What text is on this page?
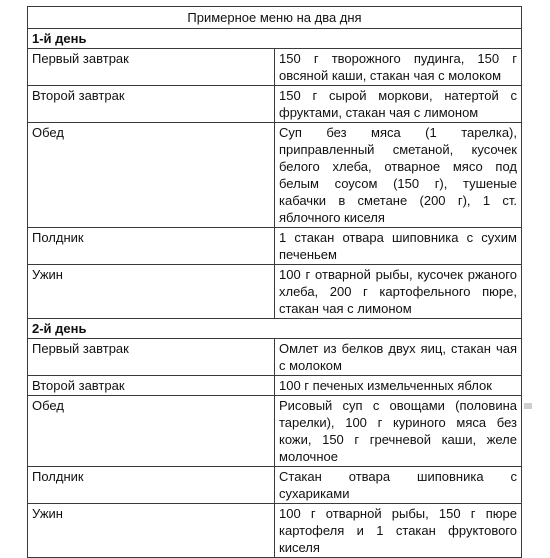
Примерное меню на два дня	
1-й день	
Первый завтрак	150 г творожного пудинга, 150 г овсяной каши, стакан чая с молоком
Второй завтрак	150 г сырой моркови, натертой с фруктами, стакан чая с лимоном
Обед	Суп без мяса (1 тарелка), приправленный сметаной, кусочек белого хлеба, отварное мясо под белым соусом (150 г), тушеные кабачки в сметане (200 г), 1 ст. яблочного киселя
Полдник	1 стакан отвара шиповника с сухим печеньем
Ужин	100 г отварной рыбы, кусочек ржаного хлеба, 200 г картофельного пюре, стакан чая с лимоном
2-й день	
Первый завтрак	Омлет из белков двух яиц, стакан чая с молоком
Второй завтрак	100 г печеных измельченных яблок
Обед	Рисовый суп с овощами (половина тарелки), 100 г куриного мяса без кожи, 150 г гречневой каши, желе молочное
Полдник	Стакан отвара шиповника с сухариками
Ужин	100 г отварной рыбы, 150 г пюре картофеля и 1 стакан фруктового киселя
